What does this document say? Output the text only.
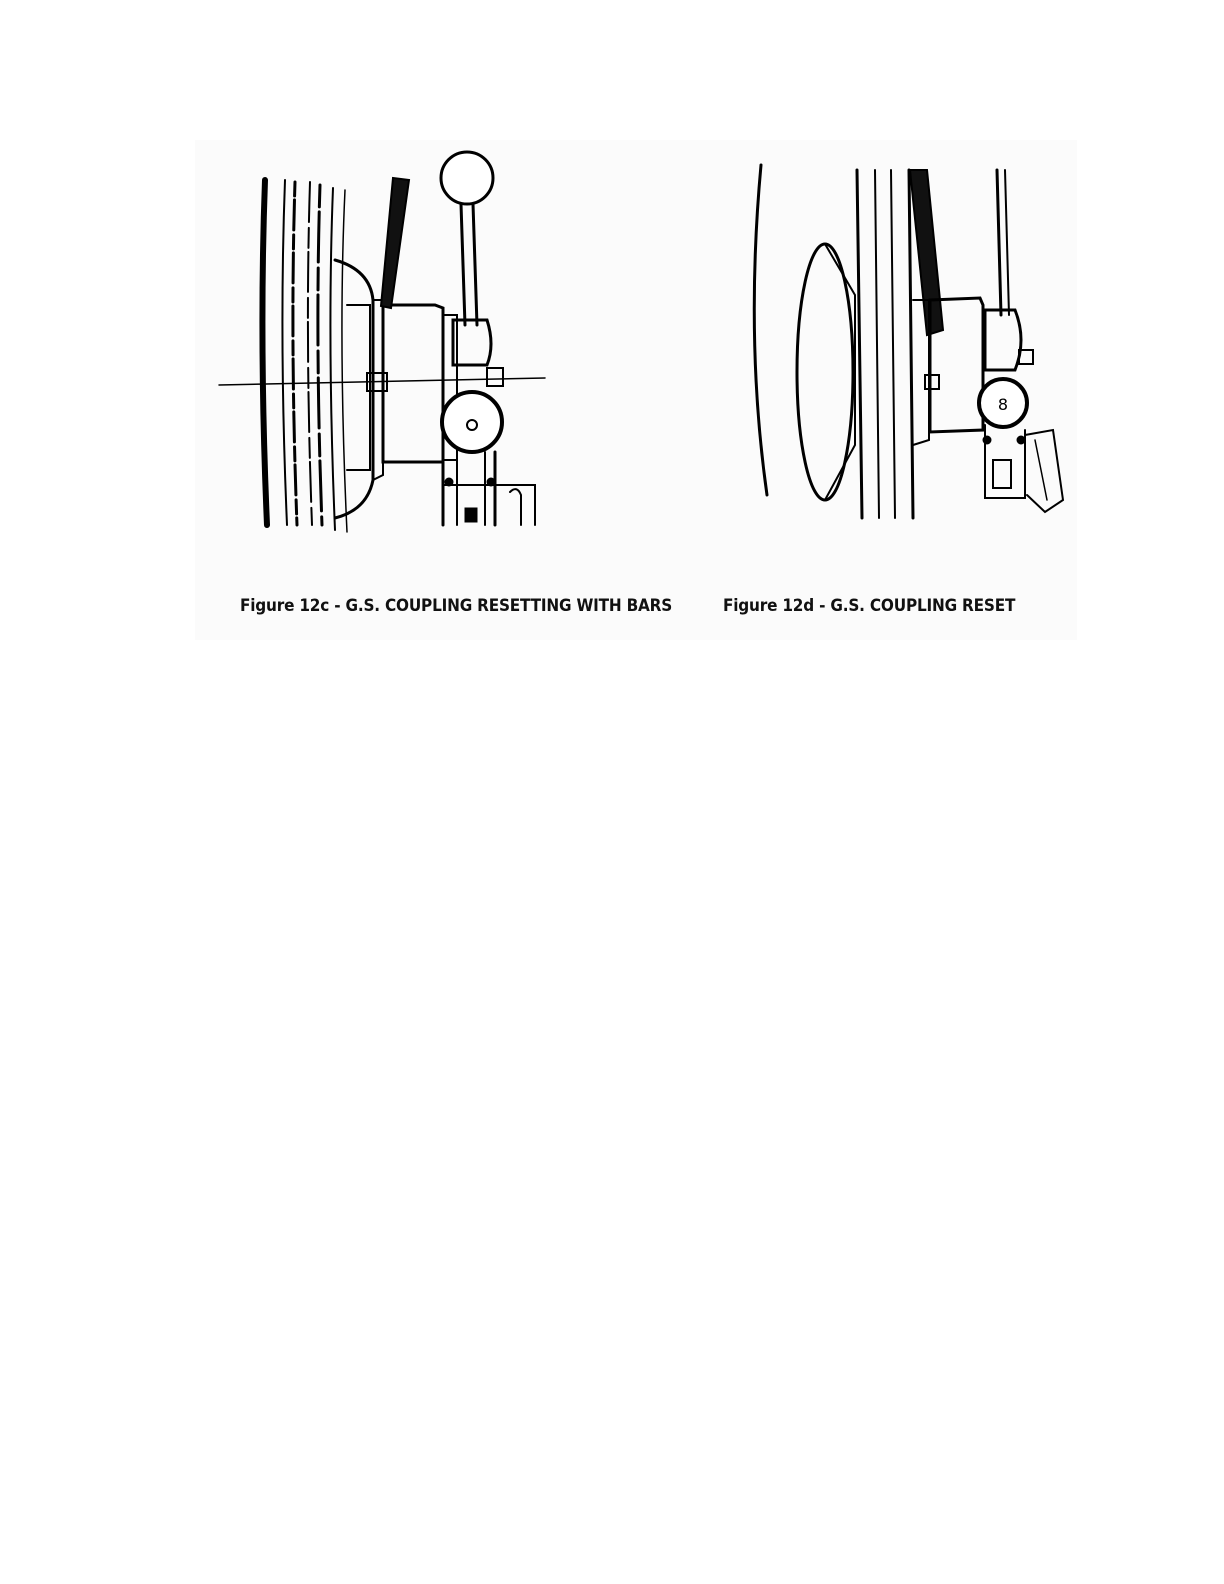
8
Figure 12c - G.S. COUPLING RESETTING WITH BARS	Figure 12d - G.S. COUPLING RESET
